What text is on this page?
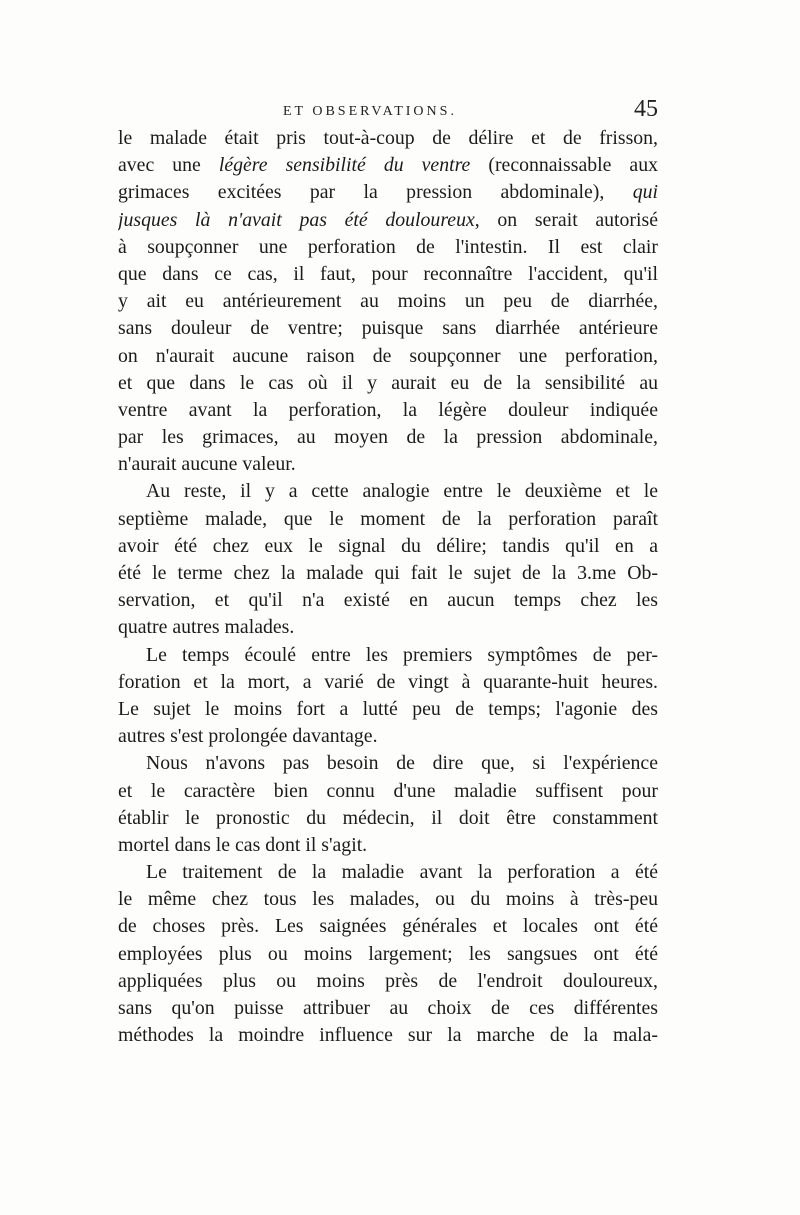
ET OBSERVATIONS.	45
le malade était pris tout-à-coup de délire et de frisson,
avec une légère sensibilité du ventre (reconnaissable aux
grimaces excitées par la pression abdominale), qui
jusques là n'avait pas été douloureux, on serait autorisé
à soupçonner une perforation de l'intestin. Il est clair
que dans ce cas, il faut, pour reconnaître l'accident, qu'il
y ait eu antérieurement au moins un peu de diarrhée,
sans douleur de ventre; puisque sans diarrhée antérieure
on n'aurait aucune raison de soupçonner une perforation,
et que dans le cas où il y aurait eu de la sensibilité au
ventre avant la perforation, la légère douleur indiquée
par les grimaces, au moyen de la pression abdominale,
n'aurait aucune valeur.
Au reste, il y a cette analogie entre le deuxième et le
septième malade, que le moment de la perforation paraît
avoir été chez eux le signal du délire; tandis qu'il en a
été le terme chez la malade qui fait le sujet de la 3.me Ob-
servation, et qu'il n'a existé en aucun temps chez les
quatre autres malades.
Le temps écoulé entre les premiers symptômes de per-
foration et la mort, a varié de vingt à quarante-huit heures.
Le sujet le moins fort a lutté peu de temps; l'agonie des
autres s'est prolongée davantage.
Nous n'avons pas besoin de dire que, si l'expérience
et le caractère bien connu d'une maladie suffisent pour
établir le pronostic du médecin, il doit être constamment
mortel dans le cas dont il s'agit.
Le traitement de la maladie avant la perforation a été
le même chez tous les malades, ou du moins à très-peu
de choses près. Les saignées générales et locales ont été
employées plus ou moins largement; les sangsues ont été
appliquées plus ou moins près de l'endroit douloureux,
sans qu'on puisse attribuer au choix de ces différentes
méthodes la moindre influence sur la marche de la mala-
